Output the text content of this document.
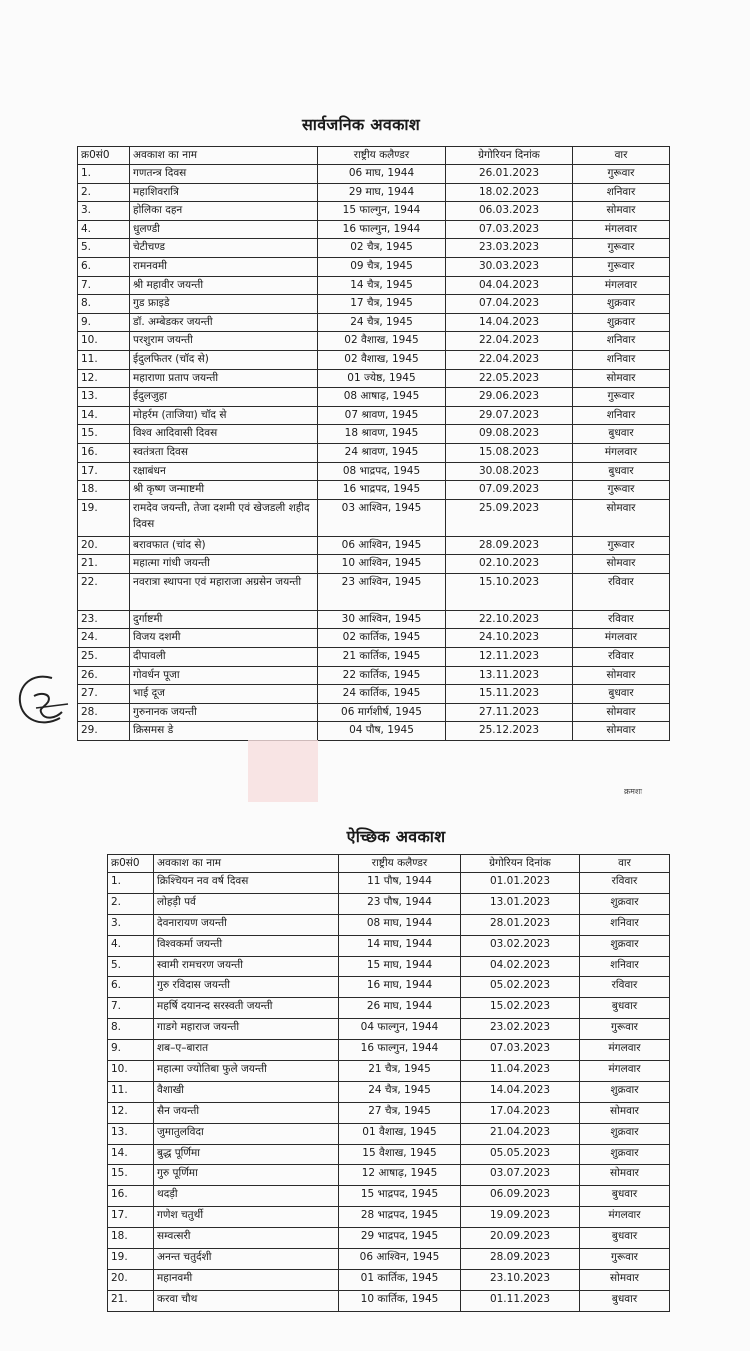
सार्वजनिक अवकाश
क्र0सं0	अवकाश का नाम	राष्ट्रीय कलैण्डर	ग्रेगोरियन दिनांक	वार
1.	गणतन्त्र दिवस	06 माघ, 1944	26.01.2023	गुरूवार
2.	महाशिवरात्रि	29 माघ, 1944	18.02.2023	शनिवार
3.	होलिका दहन	15 फाल्गुन, 1944	06.03.2023	सोमवार
4.	धुलण्डी	16 फाल्गुन, 1944	07.03.2023	मंगलवार
5.	चेटीचण्ड	02 चैत्र, 1945	23.03.2023	गुरूवार
6.	रामनवमी	09 चैत्र, 1945	30.03.2023	गुरूवार
7.	श्री महावीर जयन्ती	14 चैत्र, 1945	04.04.2023	मंगलवार
8.	गुड फ्राइडे	17 चैत्र, 1945	07.04.2023	शुक्रवार
9.	डॉ. अम्बेडकर जयन्ती	24 चैत्र, 1945	14.04.2023	शुक्रवार
10.	परशुराम जयन्ती	02 वैशाख, 1945	22.04.2023	शनिवार
11.	ईदुलफितर (चॉद से)	02 वैशाख, 1945	22.04.2023	शनिवार
12.	महाराणा प्रताप जयन्ती	01 ज्येष्ठ, 1945	22.05.2023	सोमवार
13.	ईदुलजुहा	08 आषाढ़, 1945	29.06.2023	गुरूवार
14.	मोहर्रम (ताजिया) चॉद से	07 श्रावण, 1945	29.07.2023	शनिवार
15.	विश्व आदिवासी दिवस	18 श्रावण, 1945	09.08.2023	बुधवार
16.	स्वतंत्रता दिवस	24 श्रावण, 1945	15.08.2023	मंगलवार
17.	रक्षाबंधन	08 भाद्रपद, 1945	30.08.2023	बुधवार
18.	श्री कृष्ण जन्माष्टमी	16 भाद्रपद, 1945	07.09.2023	गुरूवार
19.	रामदेव जयन्ती, तेजा दशमी एवं खेजडली शहीद दिवस	03 आश्विन, 1945	25.09.2023	सोमवार
20.	बरावफात (चांद से)	06 आश्विन, 1945	28.09.2023	गुरूवार
21.	महात्मा गांधी जयन्ती	10 आश्विन, 1945	02.10.2023	सोमवार
22.	नवरात्रा स्थापना एवं महाराजा अग्रसेन जयन्ती	23 आश्विन, 1945	15.10.2023	रविवार
23.	दुर्गाष्टमी	30 आश्विन, 1945	22.10.2023	रविवार
24.	विजय दशमी	02 कार्तिक, 1945	24.10.2023	मंगलवार
25.	दीपावली	21 कार्तिक, 1945	12.11.2023	रविवार
26.	गोवर्धन पूजा	22 कार्तिक, 1945	13.11.2023	सोमवार
27.	भाई दूज	24 कार्तिक, 1945	15.11.2023	बुधवार
28.	गुरुनानक जयन्ती	06 मार्गशीर्ष, 1945	27.11.2023	सोमवार
29.	क्रिसमस डे	04 पौष, 1945	25.12.2023	सोमवार
क्रमशः
ऐच्छिक अवकाश
क्र0सं0	अवकाश का नाम	राष्ट्रीय कलैण्डर	ग्रेगोरियन दिनांक	वार
1.	क्रिश्चियन नव वर्ष दिवस	11 पौष, 1944	01.01.2023	रविवार
2.	लोहड़ी पर्व	23 पौष, 1944	13.01.2023	शुक्रवार
3.	देवनारायण जयन्ती	08 माघ, 1944	28.01.2023	शनिवार
4.	विश्वकर्मा जयन्ती	14 माघ, 1944	03.02.2023	शुक्रवार
5.	स्वामी रामचरण जयन्ती	15 माघ, 1944	04.02.2023	शनिवार
6.	गुरु रविदास जयन्ती	16 माघ, 1944	05.02.2023	रविवार
7.	महर्षि दयानन्द सरस्वती जयन्ती	26 माघ, 1944	15.02.2023	बुधवार
8.	गाडगे महाराज जयन्ती	04 फाल्गुन, 1944	23.02.2023	गुरूवार
9.	शब–ए–बारात	16 फाल्गुन, 1944	07.03.2023	मंगलवार
10.	महात्मा ज्योतिबा फुले जयन्ती	21 चैत्र, 1945	11.04.2023	मंगलवार
11.	वैशाखी	24 चैत्र, 1945	14.04.2023	शुक्रवार
12.	सैन जयन्ती	27 चैत्र, 1945	17.04.2023	सोमवार
13.	जुमातुलविदा	01 वैशाख, 1945	21.04.2023	शुक्रवार
14.	बुद्ध पूर्णिमा	15 वैशाख, 1945	05.05.2023	शुक्रवार
15.	गुरु पूर्णिमा	12 आषाढ़, 1945	03.07.2023	सोमवार
16.	थदड़ी	15 भाद्रपद, 1945	06.09.2023	बुधवार
17.	गणेश चतुर्थी	28 भाद्रपद, 1945	19.09.2023	मंगलवार
18.	सम्वत्सरी	29 भाद्रपद, 1945	20.09.2023	बुधवार
19.	अनन्त चतुर्दशी	06 आश्विन, 1945	28.09.2023	गुरूवार
20.	महानवमी	01 कार्तिक, 1945	23.10.2023	सोमवार
21.	करवा चौथ	10 कार्तिक, 1945	01.11.2023	बुधवार
